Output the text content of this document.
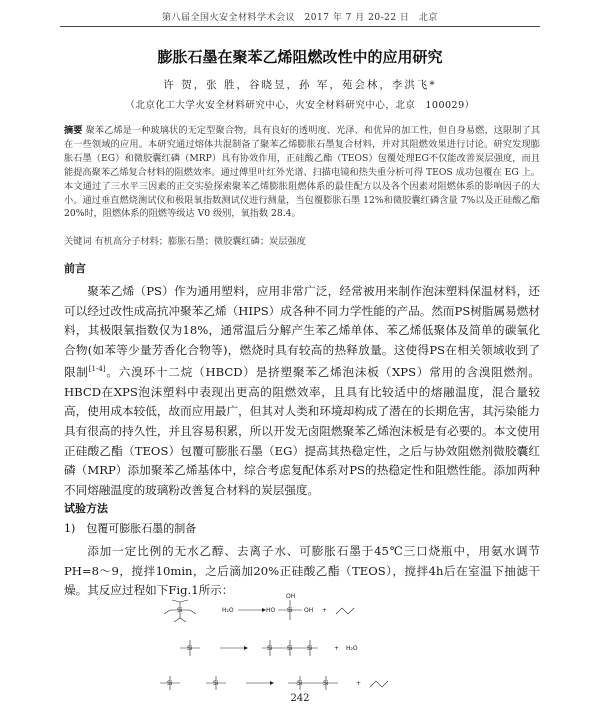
第八届全国火安全材料学术会议　2017 年 7 月 20-22 日　北京
膨胀石墨在聚苯乙烯阻燃改性中的应用研究
许 贺，张 胜，谷晓昱，孙 军，苑会林，李洪飞*
（北京化工大学火安全材料研究中心，火安全材料研究中心，北京　100029）
摘要 聚苯乙烯是一种玻璃状的无定型聚合物，具有良好的透明度、光泽、和优异的加工性，但自身易燃，这限制了其在一些领域的应用。本研究通过熔体共混制备了聚苯乙烯膨胀石墨复合材料，并对其阻燃效果进行讨论。研究发现膨胀石墨（EG）和微胶囊红磷（MRP）具有协效作用，正硅酸乙酯（TEOS）包覆处理EG不仅能改善炭层强度，而且能提高聚苯乙烯复合材料的阻燃效率。通过傅里叶红外光谱、扫描电镜和热失重分析可得 TEOS 成功包覆在 EG 上。本文通过了三水平三因素的正交实验探索聚苯乙烯膨胀阻燃体系的最佳配方以及各个因素对阻燃体系的影响因子的大小。通过垂直燃烧测试仪和极限氧指数测试仪进行测量，当包覆膨胀石墨 12%和微胶囊红磷含量 7%以及正硅酸乙酯 20%时，阻燃体系的阻燃等级达 V0 级别，氧指数 28.4。
关键词 有机高分子材料；膨胀石墨；微胶囊红磷；炭层强度
前言
聚苯乙烯（PS）作为通用塑料，应用非常广泛，经常被用来制作泡沫塑料保温材料，还可以经过改性成高抗冲聚苯乙烯（HIPS）成各种不同力学性能的产品。然而PS树脂属易燃材料，其极限氧指数仅为18%，通常温后分解产生苯乙烯单体、苯乙烯低聚体及简单的碳氧化合物(如苯等少量芳香化合物等)，燃烧时具有较高的热释放量。这使得PS在相关领域收到了限制[1-4]。六溴环十二烷（HBCD）是挤塑聚苯乙烯泡沫板（XPS）常用的含溴阻燃剂。HBCD在XPS泡沫塑料中表现出更高的阻燃效率，且具有比较适中的熔融温度，混合量较高，使用成本较低，故而应用最广，但其对人类和环境却构成了潜在的长期危害，其污染能力具有很高的持久性，并且容易积累，所以开发无卤阻燃聚苯乙烯泡沫板是有必要的。本文使用正硅酸乙酯（TEOS）包覆可膨胀石墨（EG）提高其热稳定性，之后与协效阻燃剂微胶囊红磷（MRP）添加聚苯乙烯基体中，综合考虑复配体系对PS的热稳定性和阻燃性能。添加两种不同熔融温度的玻璃粉改善复合材料的炭层强度。
试验方法
1)　包覆可膨胀石墨的制备
添加一定比例的无水乙醇、去离子水、可膨胀石墨于45℃三口烧瓶中，用氨水调节PH=8～9，搅拌10min，之后滴加20%正硅酸乙酯（TEOS），搅拌4h后在室温下抽滤干燥。其反应过程如下Fig.1所示：
Si	H₂O	Si
OH
OH
HO	+
Si	Si Si Si	+ H₂O
Si	Si	Si	Si	+
242
